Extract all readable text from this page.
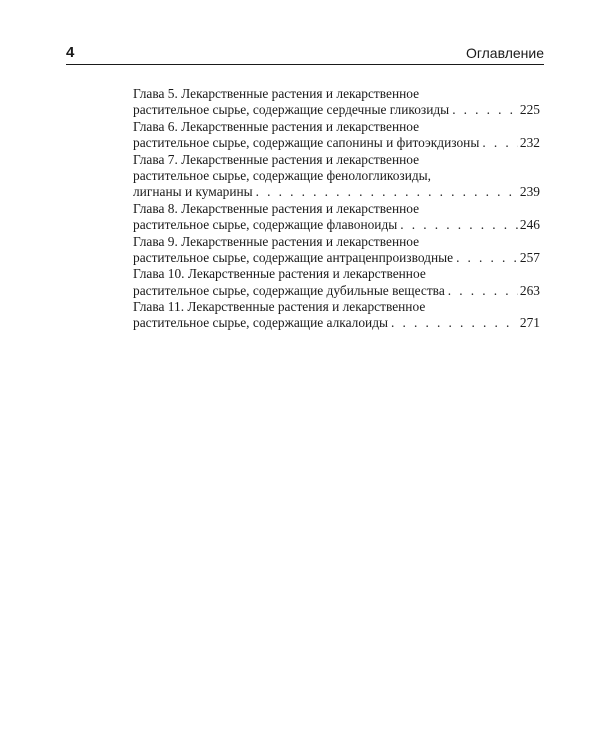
4	Оглавление
Глава 5. Лекарственные растения и лекарственное
растительное сырье, содержащие сердечные гликозиды . . .	225
Глава 6. Лекарственные растения и лекарственное
растительное сырье, содержащие сапонины и фитоэкдизоны . . .	232
Глава 7. Лекарственные растения и лекарственное
растительное сырье, содержащие фенологликозиды,
лигнаны и кумарины . . .	239
Глава 8. Лекарственные растения и лекарственное
растительное сырье, содержащие флавоноиды . . .	246
Глава 9. Лекарственные растения и лекарственное
растительное сырье, содержащие антраценпроизводные . . .	257
Глава 10. Лекарственные растения и лекарственное
растительное сырье, содержащие дубильные вещества . . .	263
Глава 11. Лекарственные растения и лекарственное
растительное сырье, содержащие алкалоиды . . .	271
